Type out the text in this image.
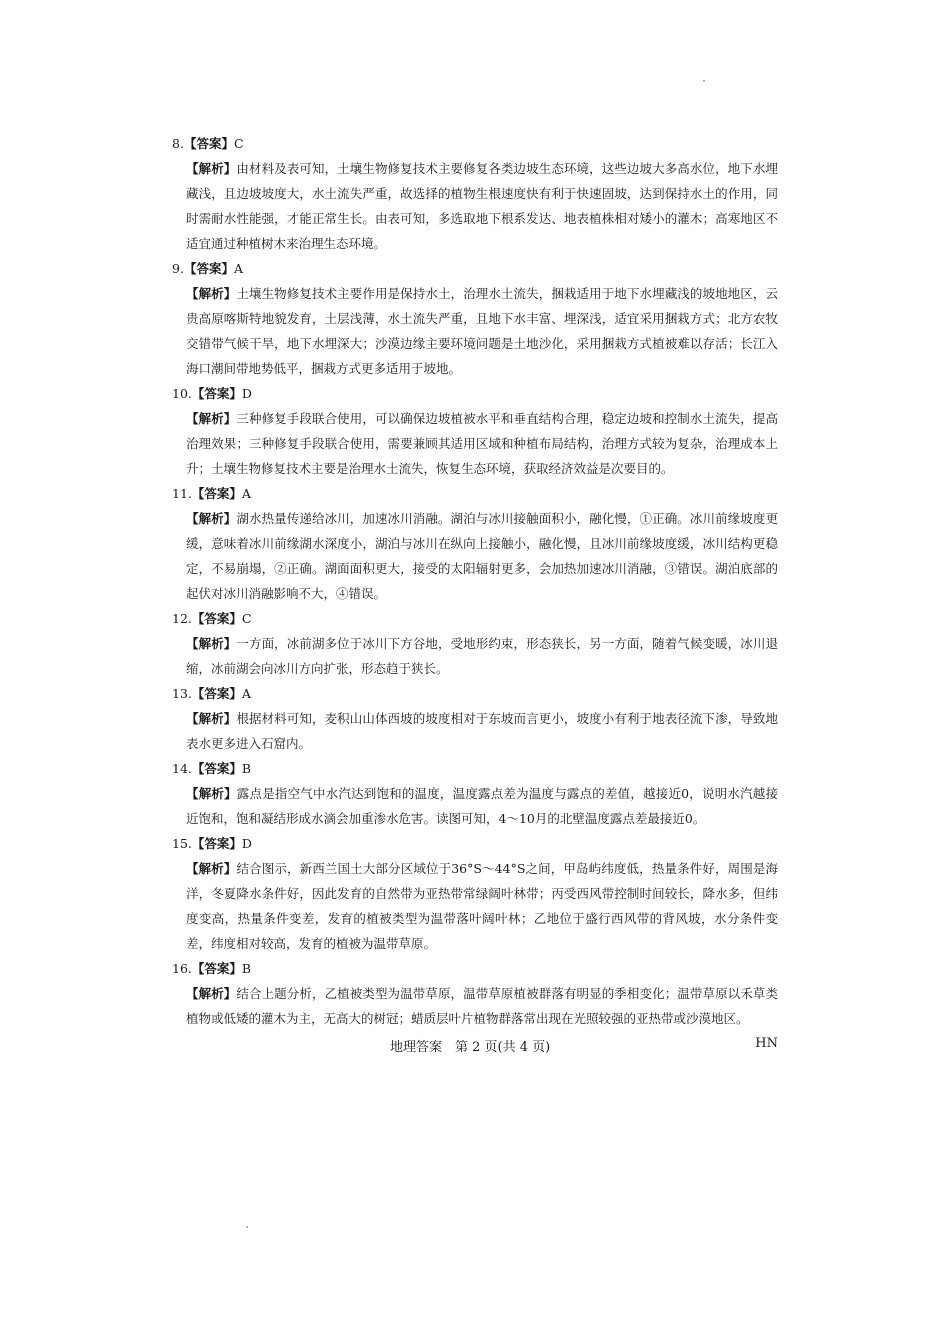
8.【答案】C

【解析】由材料及表可知，土壤生物修复技术主要修复各类边坡生态环境，这些边坡大多高水位，地下水埋藏浅，且边坡坡度大，水土流失严重，故选择的植物生根速度快有利于快速固坡，达到保持水土的作用，同时需耐水性能强，才能正常生长。由表可知，多选取地下根系发达、地表植株相对矮小的灌木；高寒地区不适宜通过种植树木来治理生态环境。

9.【答案】A

【解析】土壤生物修复技术主要作用是保持水土，治理水土流失，捆栽适用于地下水埋藏浅的坡地地区，云贵高原喀斯特地貌发育，土层浅薄，水土流失严重，且地下水丰富、埋深浅，适宜采用捆栽方式；北方农牧交错带气候干旱，地下水埋深大；沙漠边缘主要环境问题是土地沙化，采用捆栽方式植被难以存活；长江入海口潮间带地势低平，捆栽方式更多适用于坡地。

10.【答案】D

【解析】三种修复手段联合使用，可以确保边坡植被水平和垂直结构合理，稳定边坡和控制水土流失，提高治理效果；三种修复手段联合使用，需要兼顾其适用区域和种植布局结构，治理方式较为复杂，治理成本上升；土壤生物修复技术主要是治理水土流失，恢复生态环境，获取经济效益是次要目的。

11.【答案】A

【解析】湖水热量传递给冰川，加速冰川消融。湖泊与冰川接触面积小，融化慢，①正确。冰川前缘坡度更缓，意味着冰川前缘湖水深度小，湖泊与冰川在纵向上接触小，融化慢，且冰川前缘坡度缓，冰川结构更稳定，不易崩塌，②正确。湖面面积更大，接受的太阳辐射更多，会加热加速冰川消融，③错误。湖泊底部的起伏对冰川消融影响不大，④错误。

12.【答案】C

【解析】一方面，冰前湖多位于冰川下方谷地，受地形约束，形态狭长，另一方面，随着气候变暖，冰川退缩，冰前湖会向冰川方向扩张，形态趋于狭长。

13.【答案】A

【解析】根据材料可知，麦积山山体西坡的坡度相对于东坡而言更小，坡度小有利于地表径流下渗，导致地表水更多进入石窟内。

14.【答案】B

【解析】露点是指空气中水汽达到饱和的温度，温度露点差为温度与露点的差值，越接近0，说明水汽越接近饱和，饱和凝结形成水滴会加重渗水危害。读图可知，4～10月的北壁温度露点差最接近0。

15.【答案】D

【解析】结合图示，新西兰国土大部分区域位于36°S～44°S之间，甲岛屿纬度低，热量条件好，周围是海洋，冬夏降水条件好，因此发育的自然带为亚热带常绿阔叶林带；丙受西风带控制时间较长，降水多，但纬度变高，热量条件变差，发育的植被类型为温带落叶阔叶林；乙地位于盛行西风带的背风坡，水分条件变差，纬度相对较高，发育的植被为温带草原。

16.【答案】B

【解析】结合上题分析，乙植被类型为温带草原，温带草原植被群落有明显的季相变化；温带草原以禾草类植物或低矮的灌木为主，无高大的树冠；蜡质层叶片植物群落常出现在光照较强的亚热带或沙漠地区。

地理答案　第 2 页(共 4 页)	HN
